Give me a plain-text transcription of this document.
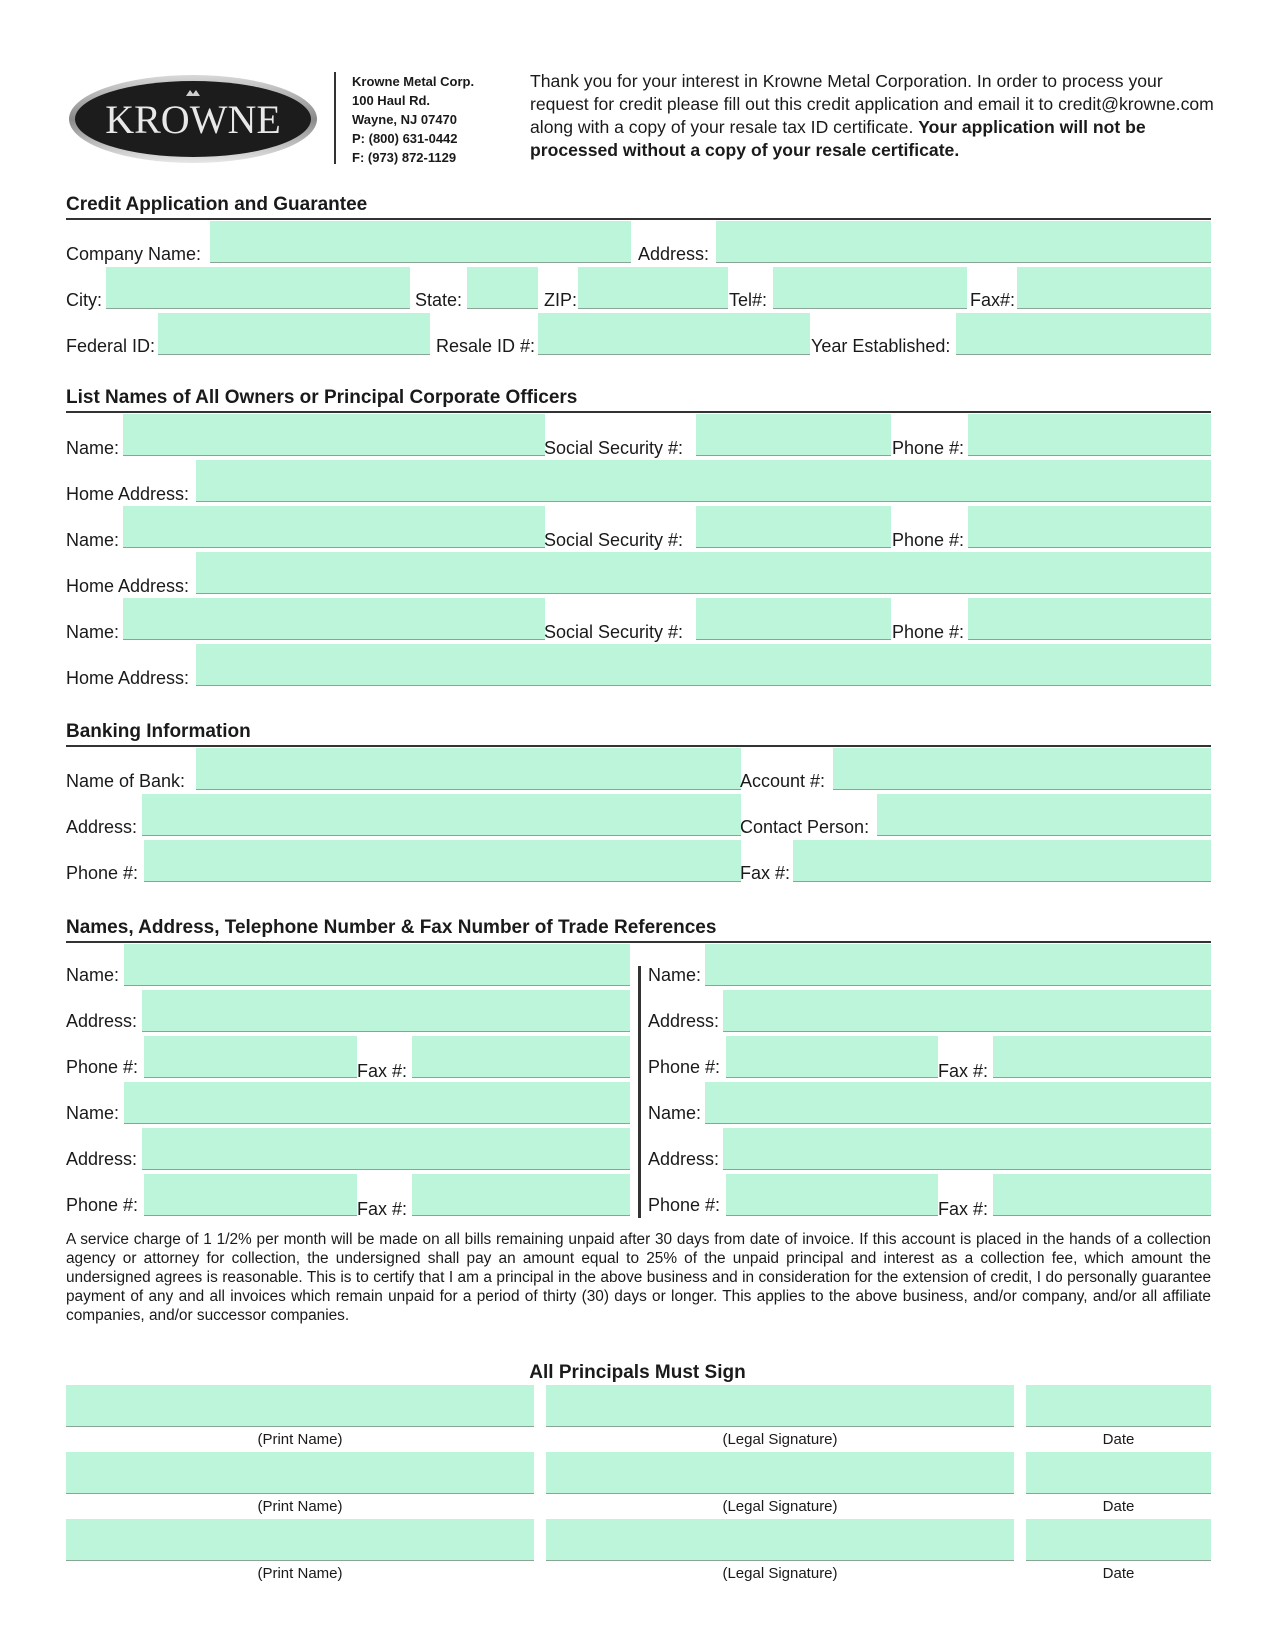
KROWNE
Krowne Metal Corp.
100 Haul Rd.
Wayne, NJ 07470
P: (800) 631-0442
F: (973) 872-1129
Thank you for your interest in Krowne Metal Corporation. In order to process your request for credit please fill out this credit application and email it to credit@krowne.com along with a copy of your resale tax ID certificate. Your application will not be processed without a copy of your resale certificate.
Credit Application and Guarantee
Company Name:	Address:
City:	State:	ZIP:	Tel#:	Fax#:
Federal ID:	Resale ID #:	Year Established:
List Names of All Owners or Principal Corporate Officers
Name:	Social Security #:	Phone #:
Home Address:
Name:	Social Security #:	Phone #:
Home Address:
Name:	Social Security #:	Phone #:
Home Address:
Banking Information
Name of Bank:	Account #:
Address:	Contact Person:
Phone #:	Fax #:
Names, Address, Telephone Number & Fax Number of Trade References
Name:
Address:
Phone #:	Fax #:
Name:
Address:
Phone #:	Fax #:
Name:
Address:
Phone #:	Fax #:
Name:
Address:
Phone #:	Fax #:
A service charge of 1 1/2% per month will be made on all bills remaining unpaid after 30 days from date of invoice. If this account is placed in the hands of a collection agency or attorney for collection, the undersigned shall pay an amount equal to 25% of the unpaid principal and interest as a collection fee, which amount the undersigned agrees is reasonable. This is to certify that I am a principal in the above business and in consideration for the extension of credit, I do personally guarantee payment of any and all invoices which remain unpaid for a period of thirty (30) days or longer. This applies to the above business, and/or company, and/or all affiliate companies, and/or successor companies.
All Principals Must Sign
(Print Name)	(Legal Signature)	Date
(Print Name)	(Legal Signature)	Date
(Print Name)	(Legal Signature)	Date
